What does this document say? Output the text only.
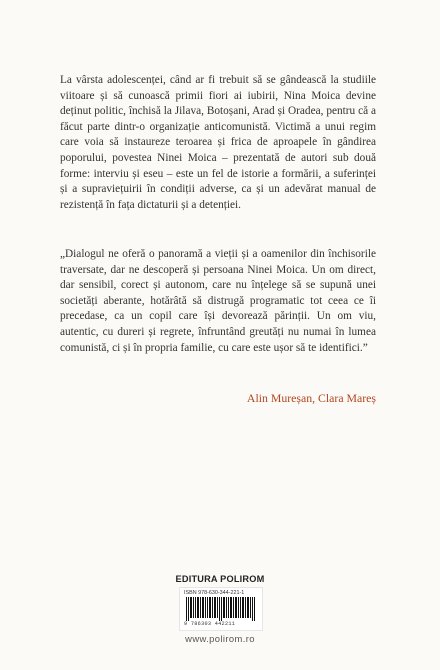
La vârsta adolescenței, când ar fi trebuit să se gândească la studiile viitoare și să cunoască primii fiori ai iubirii, Nina Moica devine deținut politic, închisă la Jilava, Botoșani, Arad și Oradea, pentru că a făcut parte dintr-o organizație anticomunistă. Victimă a unui regim care voia să instaureze teroarea și frica de aproapele în gândirea poporului, povestea Ninei Moica – prezentată de autori sub două forme: interviu și eseu – este un fel de istorie a formării, a suferinței și a supraviețuirii în condiții adverse, ca și un adevărat manual de rezistență în fața dictaturii și a detenției.

„Dialogul ne oferă o panoramă a vieții și a oamenilor din închisorile traversate, dar ne descoperă și persoana Ninei Moica. Un om direct, dar sensibil, corect și autonom, care nu înțelege să se supună unei societăți aberante, hotărâtă să distrugă programatic tot ceea ce îi precedase, ca un copil care își devorează părinții. Un om viu, autentic, cu dureri și regrete, înfruntând greutăți nu numai în lumea comunistă, ci și în propria familie, cu care este ușor să te identifici.”

Alin Mureșan, Clara Mareș
EDITURA POLIROM
ISBN 978-630-344-221-1
9 786303 442211
www.polirom.ro
